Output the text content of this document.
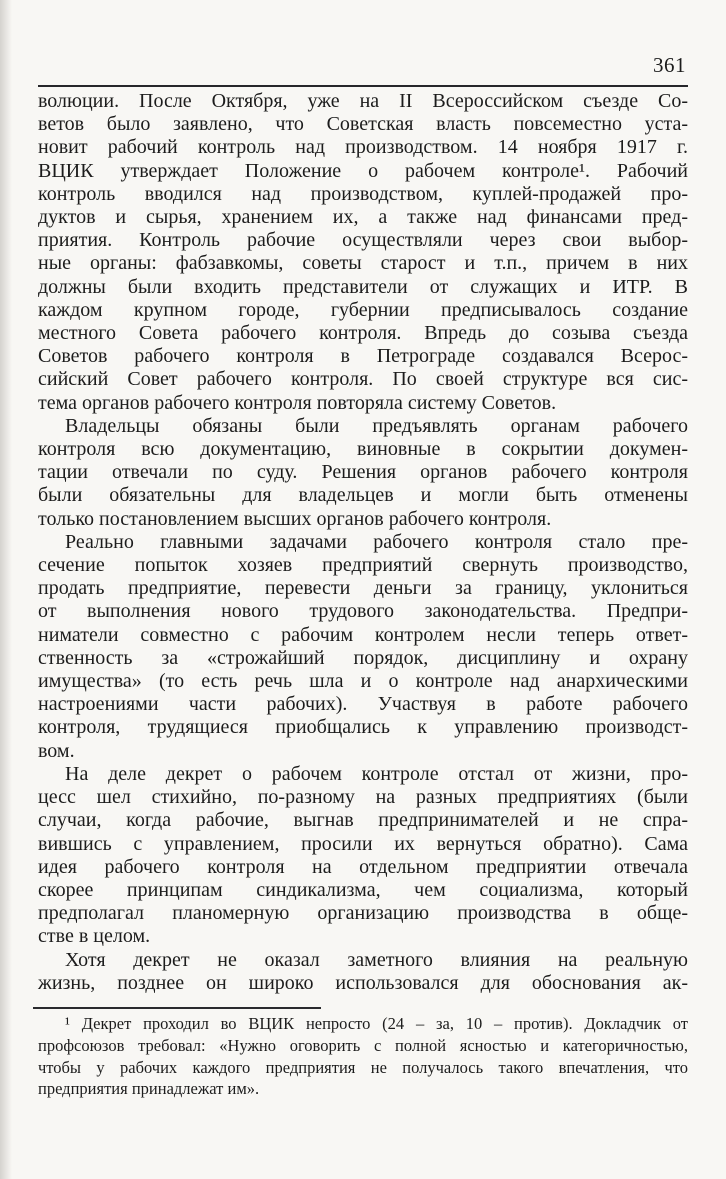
361

волюции. После Октября, уже на II Всероссийском съезде Со-
ветов было заявлено, что Советская власть повсеместно уста-
новит рабочий контроль над производством. 14 ноября 1917 г.
ВЦИК утверждает Положение о рабочем контроле¹. Рабочий
контроль вводился над производством, куплей-продажей про-
дуктов и сырья, хранением их, а также над финансами пред-
приятия. Контроль рабочие осуществляли через свои выбор-
ные органы: фабзавкомы, советы старост и т.п., причем в них
должны были входить представители от служащих и ИТР. В
каждом крупном городе, губернии предписывалось создание
местного Совета рабочего контроля. Впредь до созыва съезда
Советов рабочего контроля в Петрограде создавался Всерос-
сийский Совет рабочего контроля. По своей структуре вся сис-
тема органов рабочего контроля повторяла систему Советов.

Владельцы обязаны были предъявлять органам рабочего
контроля всю документацию, виновные в сокрытии докумен-
тации отвечали по суду. Решения органов рабочего контроля
были обязательны для владельцев и могли быть отменены
только постановлением высших органов рабочего контроля.

Реально главными задачами рабочего контроля стало пре-
сечение попыток хозяев предприятий свернуть производство,
продать предприятие, перевести деньги за границу, уклониться
от выполнения нового трудового законодательства. Предпри-
ниматели совместно с рабочим контролем несли теперь ответ-
ственность за «строжайший порядок, дисциплину и охрану
имущества» (то есть речь шла и о контроле над анархическими
настроениями части рабочих). Участвуя в работе рабочего
контроля, трудящиеся приобщались к управлению производст-
вом.

На деле декрет о рабочем контроле отстал от жизни, про-
цесс шел стихийно, по-разному на разных предприятиях (были
случаи, когда рабочие, выгнав предпринимателей и не спра-
вившись с управлением, просили их вернуться обратно). Сама
идея рабочего контроля на отдельном предприятии отвечала
скорее принципам синдикализма, чем социализма, который
предполагал планомерную организацию производства в обще-
стве в целом.

Хотя декрет не оказал заметного влияния на реальную
жизнь, позднее он широко использовался для обоснования ак-

¹ Декрет проходил во ВЦИК непросто (24 – за, 10 – против). Докладчик от
профсоюзов требовал: «Нужно оговорить с полной ясностью и категоричностью,
чтобы у рабочих каждого предприятия не получалось такого впечатления, что
предприятия принадлежат им».
